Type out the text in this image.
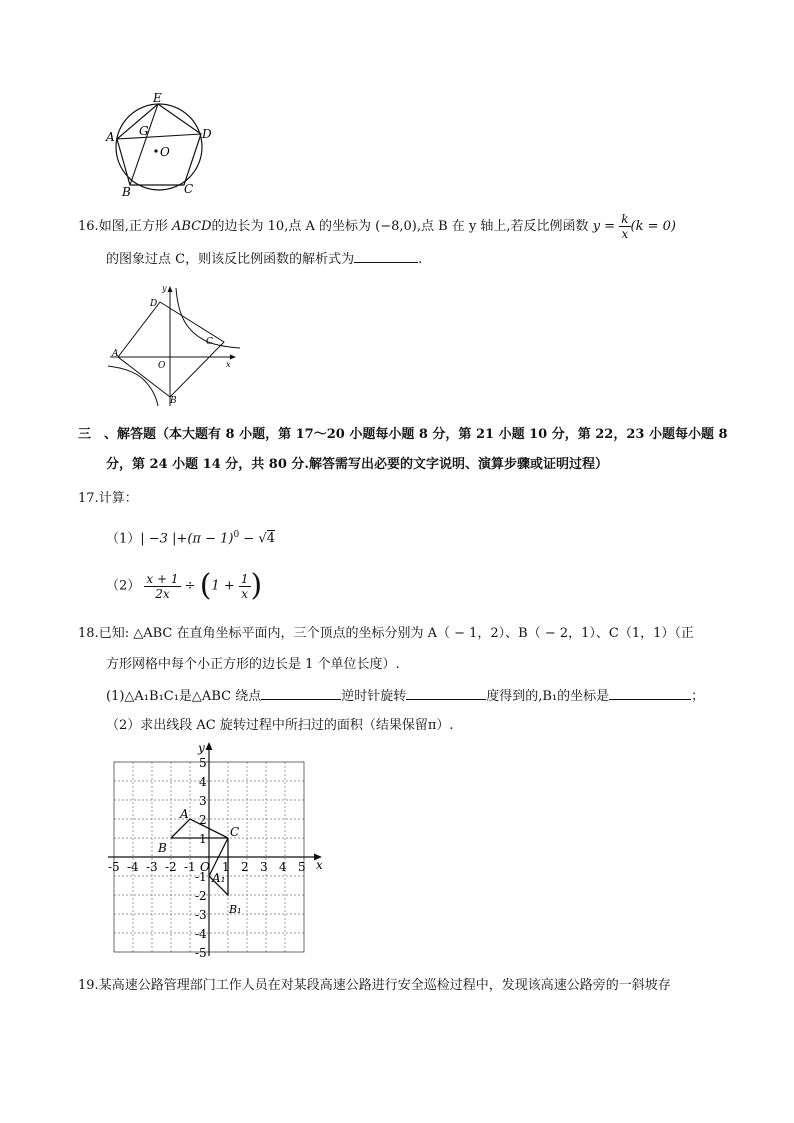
E
A G	D
O
B	C
16.如图,正方形 ABCD的边长为 10,点 A 的坐标为 (−8,0),点 B 在 y 轴上,若反比例函数 $y = \frac{k}{x} (k = 0)$
的图象过点 C，则该反比例函数的解析式为	.
y
D
C
A
O	x
B
三　、解答题（本大题有 8 小题，第 17～20 小题每小题 8 分，第 21 小题 10 分，第 22，23 小题每小题 8
分，第 24 小题 14 分，共 80 分.解答需写出必要的文字说明、演算步骤或证明过程）
17.计算：
（1）| −3 $|+(\pi - 1)^0 - √4$
$(2) \frac{x + 1}{2x} \div (1 + \frac{1}{x}$ )
18.已知: △ABC 在直角坐标平面内，三个顶点的坐标分别为 A（ − 1，2）、B（ − 2，1）、C（1，1）（正
方形网格中每个小正方形的边长是 1 个单位长度）.
(1)△A₁B₁C₁是△ABC 绕点	逆时针旋转	度得到的,B₁的坐标是	；
（2）求出线段 AC 旋转过程中所扫过的面积（结果保留π）.
-5 -4 -3 -2 -1 1 2 3 4 5
5
4
3
2
1
-1
-2
-3
-4
-5
O	x
y
A
B
C
A₁
B₁
19.某高速公路管理部门工作人员在对某段高速公路进行安全巡检过程中，发现该高速公路旁的一斜坡存
